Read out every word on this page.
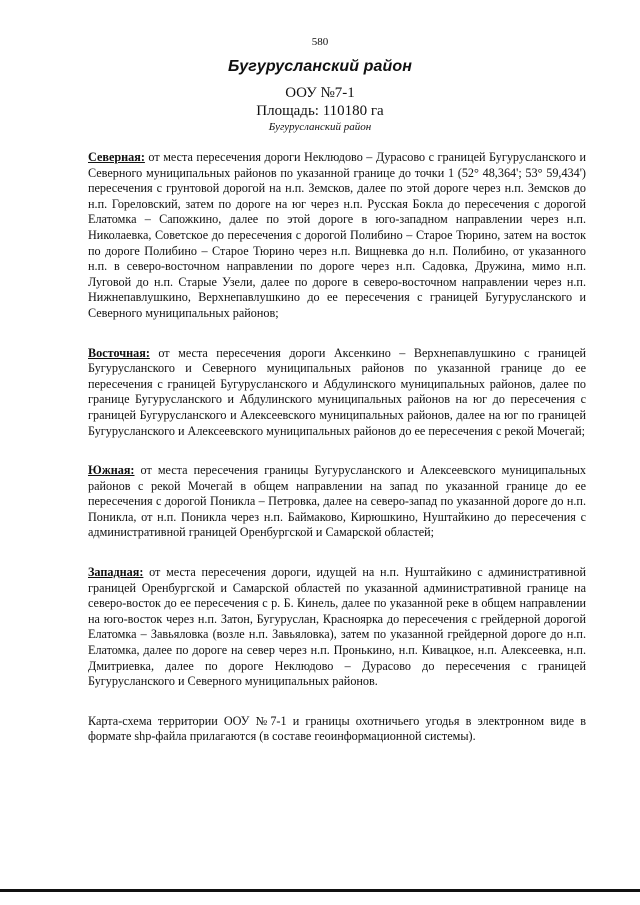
580
Бугурусланский район
ООУ №7-1
Площадь: 110180 га
Бугурусланский район

Северная: от места пересечения дороги Неклюдово – Дурасово с границей Бугурусланского и Северного муниципальных районов по указанной границе до точки 1 (52° 48,364'; 53° 59,434') пересечения с грунтовой дорогой на н.п. Земсков, далее по этой дороге через н.п. Земсков до н.п. Гореловский, затем по дороге на юг через н.п. Русская Бокла до пересечения с дорогой Елатомка – Сапожкино, далее по этой дороге в юго-западном направлении через н.п. Николаевка, Советское до пересечения с дорогой Полибино – Старое Тюрино, затем на восток по дороге Полибино – Старое Тюрино через н.п. Вищневка до н.п. Полибино, от указанного н.п. в северо-восточном направлении по дороге через н.п. Садовка, Дружина, мимо н.п. Луговой до н.п. Старые Узели, далее по дороге в северо-восточном направлении через н.п. Нижнепавлушкино, Верхнепавлушкино до ее пересечения с границей Бугурусланского и Северного муниципальных районов;

Восточная: от места пересечения дороги Аксенкино – Верхнепавлушкино с границей Бугурусланского и Северного муниципальных районов по указанной границе до ее пересечения с границей Бугурусланского и Абдулинского муниципальных районов, далее по границе Бугурусланского и Абдулинского муниципальных районов на юг до пересечения с границей Бугурусланского и Алексеевского муниципальных районов, далее на юг по границей Бугурусланского и Алексеевского муниципальных районов до ее пересечения с рекой Мочегай;

Южная: от места пересечения границы Бугурусланского и Алексеевского муниципальных районов с рекой Мочегай в общем направлении на запад по указанной границе до ее пересечения с дорогой Поникла – Петровка, далее на северо-запад по указанной дороге до н.п. Поникла, от н.п. Поникла через н.п. Баймаково, Кирюшкино, Нуштайкино до пересечения с административной границей Оренбургской и Самарской областей;

Западная: от места пересечения дороги, идущей на н.п. Нуштайкино с административной границей Оренбургской и Самарской областей по указанной административной границе на северо-восток до ее пересечения с р. Б. Кинель, далее по указанной реке в общем направлении на юго-восток через н.п. Затон, Бугуруслан, Красноярка до пересечения с грейдерной дорогой Елатомка – Завьяловка (возле н.п. Завьяловка), затем по указанной грейдерной дороге до н.п. Елатомка, далее по дороге на север через н.п. Пронькино, н.п. Кивацкое, н.п. Алексеевка, н.п. Дмитриевка, далее по дороге Неклюдово – Дурасово до пересечения с границей Бугурусланского и Северного муниципальных районов.

Карта-схема территории ООУ №7-1 и границы охотничьего угодья в электронном виде в формате shp-файла прилагаются (в составе геоинформационной системы).
